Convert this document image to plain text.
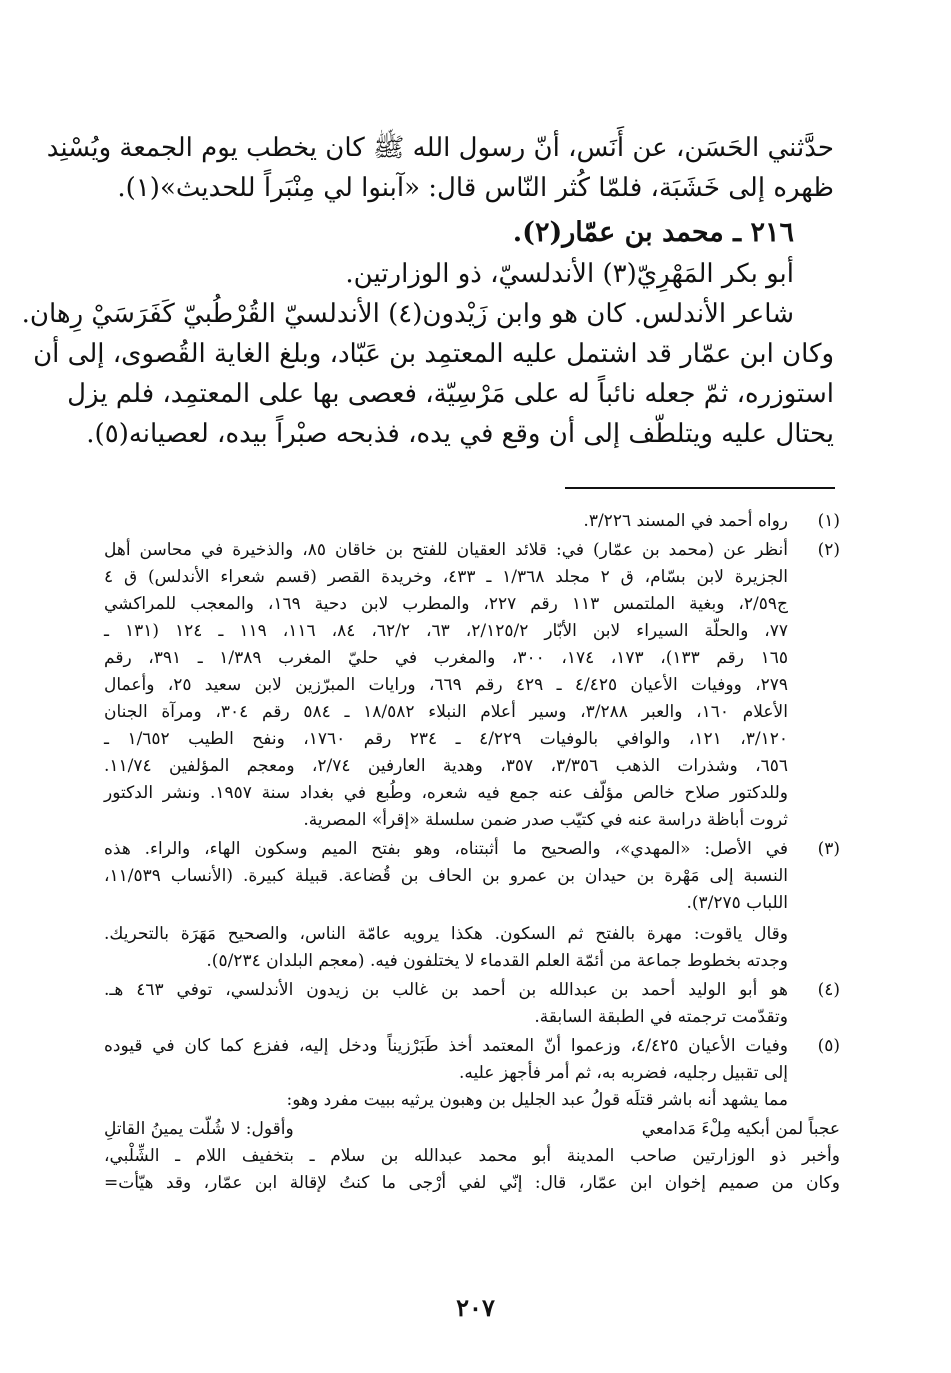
حدَّثني الحَسَن، عن أَنَس، أنّ رسول الله ﷺ كان يخطب يوم الجمعة ويُسْنِد

ظهره إلى خَشَبَة، فلمّا كُثر النّاس قال: «آبنوا لي مِنْبَراً للحديث»(١).

٢١٦ ـ محمد بن عمّار(٢).

أبو بكر المَهْرِيّ(٣) الأندلسيّ، ذو الوزارتين.

شاعر الأندلس. كان هو وابن زَيْدون(٤) الأندلسيّ القُرْطُبيّ كَفَرَسَيْ رِهان.

وكان ابن عمّار قد اشتمل عليه المعتمِد بن عَبّاد، وبلغ الغاية القُصوى، إلى أن

استوزره، ثمّ جعله نائباً له على مَرْسِيّة، فعصى بها على المعتمِد، فلم يزل

يحتال عليه ويتلطّف إلى أن وقع في يده، فذبحه صبْراً بيده، لعصيانه(٥).

(١)

رواه أحمد في المسند ٣/٢٢٦.

(٢)

أنظر عن (محمد بن عمّار) في: قلائد العقيان للفتح بن خاقان ٨٥، والذخيرة في محاسن أهل

الجزيرة لابن بسّام، ق ٢ مجلد ١/٣٦٨ ـ ٤٣٣، وخريدة القصر (قسم شعراء الأندلس) ق ٤

ج٢/٥٩، وبغية الملتمس ١١٣ رقم ٢٢٧، والمطرب لابن دحية ١٦٩، والمعجب للمراكشي

٧٧، والحلّة السيراء لابن الأبّار ٢/١٢٥/٢، ٦٣، ٦٢/٢، ٨٤، ١١٦، ١١٩ ـ ١٢٤ (١٣١ ـ

١٦٥ رقم ١٣٣)، ١٧٣، ١٧٤، ٣٠٠، والمغرب في حليّ المغرب ١/٣٨٩ ـ ٣٩١، رقم

٢٧٩، ووفيات الأعيان ٤/٤٢٥ ـ ٤٢٩ رقم ٦٦٩، ورايات المبرّزين لابن سعيد ٢٥، وأعمال

الأعلام ١٦٠، والعبر ٣/٢٨٨، وسير أعلام النبلاء ١٨/٥٨٢ ـ ٥٨٤ رقم ٣٠٤، ومرآة الجنان

٣/١٢٠، ١٢١، والوافي بالوفيات ٤/٢٢٩ ـ ٢٣٤ رقم ١٧٦٠، ونفح الطيب ١/٦٥٢ ـ

٦٥٦، وشذرات الذهب ٣/٣٥٦، ٣٥٧، وهدية العارفين ٢/٧٤، ومعجم المؤلفين ١١/٧٤.

وللدكتور صلاح خالص مؤلّف عنه جمع فيه شعره، وطُبع في بغداد سنة ١٩٥٧. ونشر الدكتور

ثروت أباظة دراسة عنه في كتيّب صدر ضمن سلسلة «إقرأ» المصرية.

(٣)

في الأصل: «المهدي»، والصحيح ما أثبتناه، وهو بفتح الميم وسكون الهاء، والراء. هذه

النسبة إلى مَهْرة بن حيدان بن عمرو بن الحاف بن قُضاعة. قبيلة كبيرة. (الأنساب ١١/٥٣٩،

اللباب ٣/٢٧٥).

وقال ياقوت: مهرة بالفتح ثم السكون. هكذا يرويه عامّة الناس، والصحيح مَهَرَة بالتحريك.

وجدته بخطوط جماعة من أئمّة العلم القدماء لا يختلفون فيه. (معجم البلدان ٥/٢٣٤).

(٤)

هو أبو الوليد أحمد بن عبدالله بن أحمد بن غالب بن زيدون الأندلسي، توفي ٤٦٣ هـ.

وتقدّمت ترجمته في الطبقة السابقة.

(٥)

وفيات الأعيان ٤/٤٢٥، وزعموا أنّ المعتمد أخذ طَبَرْزيناً ودخل إليه، ففزع كما كان في قيوده

إلى تقبيل رجليه، فضربه به، ثم أمر فأجهز عليه.

مما يشهد أنه باشر قتلَه قولُ عبد الجليل بن وهبون يرثيه ببيت مفرد وهو:

عجباً لمن أبكيه مِلْءَ مَدامعي
وأقول: لا شُلّت يمينُ القاتلِ

وأخبر ذو الوزارتين صاحب المدينة أبو محمد عبدالله بن سلام ـ بتخفيف اللام ـ الشِّلْبي،

وكان من صميم إخوان ابن عمّار، قال: إنّي لفي أرْجى ما كنتُ لإقالة ابن عمّار، وقد هيّأت=

٢٠٧
